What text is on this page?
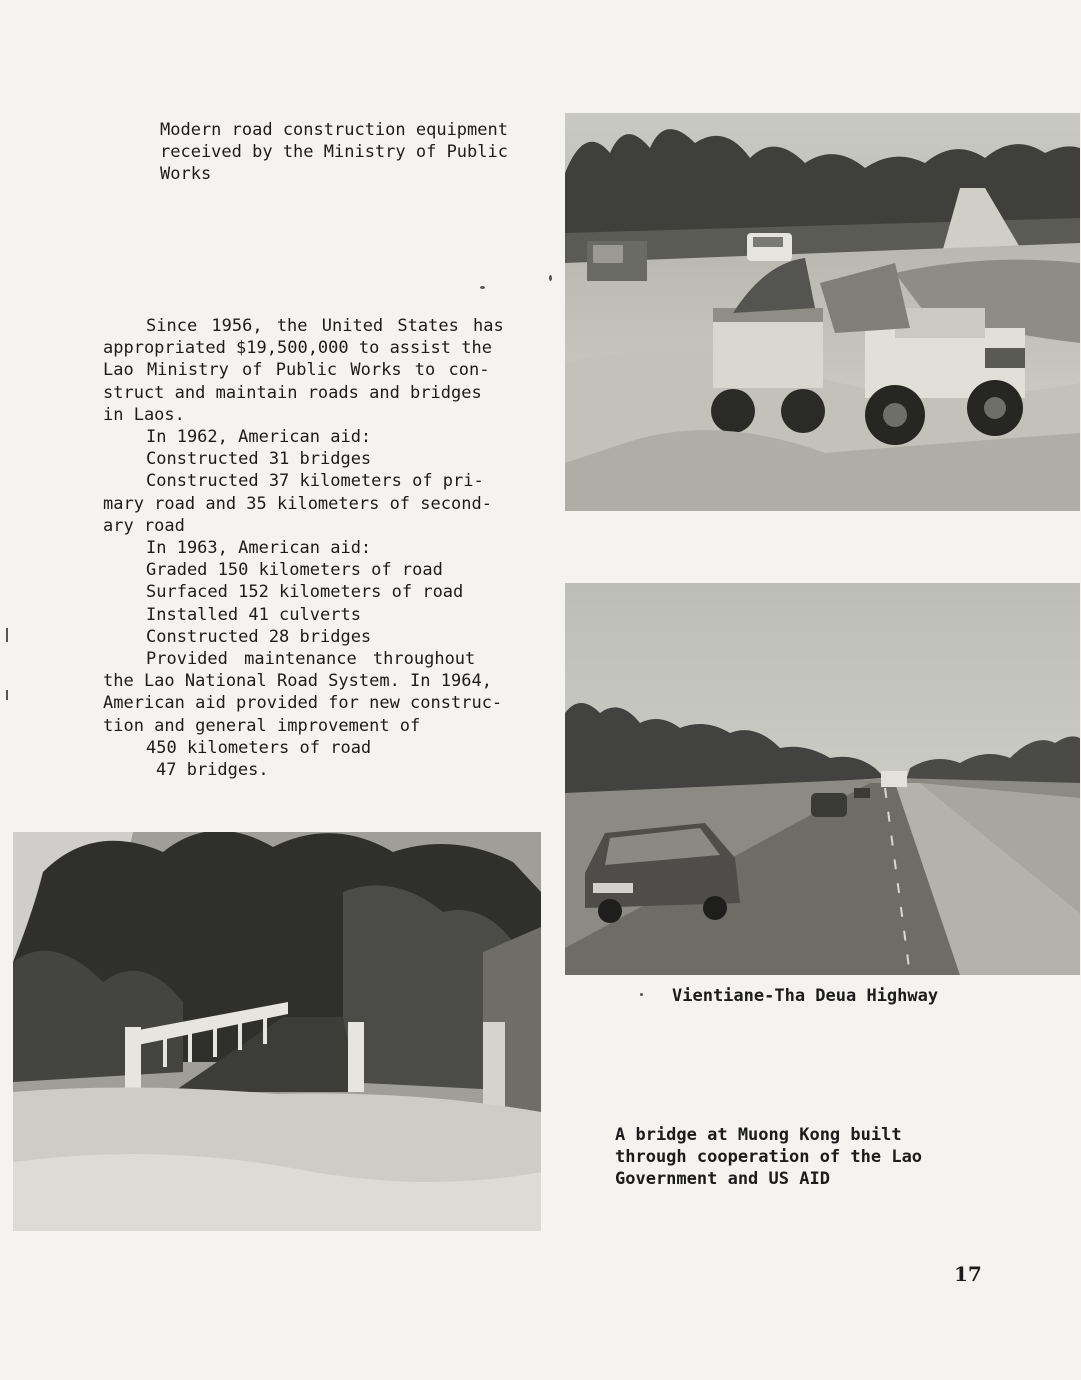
Modern road construction equipment
received by the Ministry of Public
Works
Since 1956, the United States has
appropriated $19,500,000 to assist the
Lao Ministry of Public Works to con-
struct and maintain roads and bridges
in Laos.
In 1962, American aid:
Constructed 31 bridges
Constructed 37 kilometers of pri-
mary road and 35 kilometers of second-
ary road
In 1963, American aid:
Graded 150 kilometers of road
Surfaced 152 kilometers of road
Installed 41 culverts
Constructed 28 bridges
Provided maintenance throughout
the Lao National Road System. In 1964,
American aid provided for new construc-
tion and general improvement of
450 kilometers of road
47 bridges.
Vientiane-Tha Deua Highway
A bridge at Muong Kong built
through cooperation of the Lao
Government and US AID
17
